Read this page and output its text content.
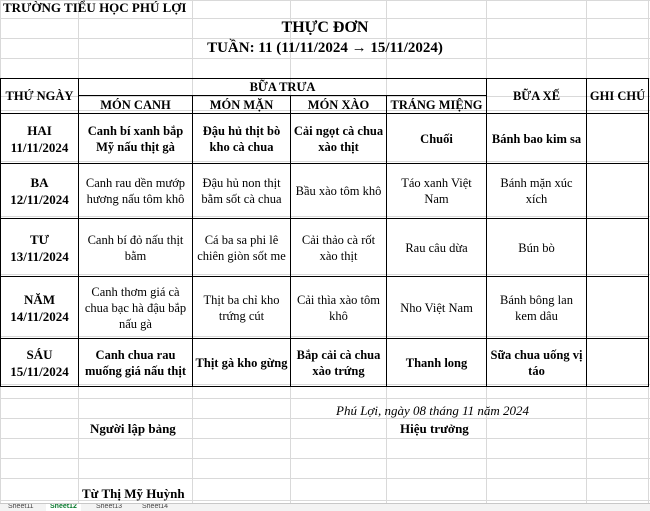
TRƯỜNG TIỂU HỌC PHÚ LỢI
THỰC ĐƠN
TUẦN: 11 (11/11/2024 → 15/11/2024)
THỨ NGÀY	BỮA TRƯA				BỮA XẾ	GHI CHÚ
	MÓN CANH	MÓN MẶN	MÓN XÀO	TRÁNG MIỆNG		
HAI
11/11/2024	Canh bí xanh bắp Mỹ nấu thịt gà	Đậu hủ thịt bò kho cà chua	Cải ngọt cà chua xào thịt	Chuối	Bánh bao kim sa	
BA
12/11/2024	Canh rau dền mướp hương nấu tôm khô	Đậu hủ non thịt bằm sốt cà chua	Bầu xào tôm khô	Táo xanh Việt Nam	Bánh mặn xúc xích	
TƯ
13/11/2024	Canh bí đỏ nấu thịt bằm	Cá ba sa phi lê chiên giòn sốt me	Cải thảo cà rốt xào thịt	Rau câu dừa	Bún bò	
NĂM
14/11/2024	Canh thơm giá cà chua bạc hà đậu bắp nấu gà	Thịt ba chỉ kho trứng cút	Cải thìa xào tôm khô	Nho Việt Nam	Bánh bông lan kem dâu	
SÁU
15/11/2024	Canh chua rau muống giá nấu thịt	Thịt gà kho gừng	Bắp cải cà chua xào trứng	Thanh long	Sữa chua uống vị táo	
Phú Lợi, ngày 08 tháng 11 năm 2024
Người lập bảng	Hiệu trưởng
Từ Thị Mỹ Huỳnh
Sheet11	Sheet12	Sheet13	Sheet14
